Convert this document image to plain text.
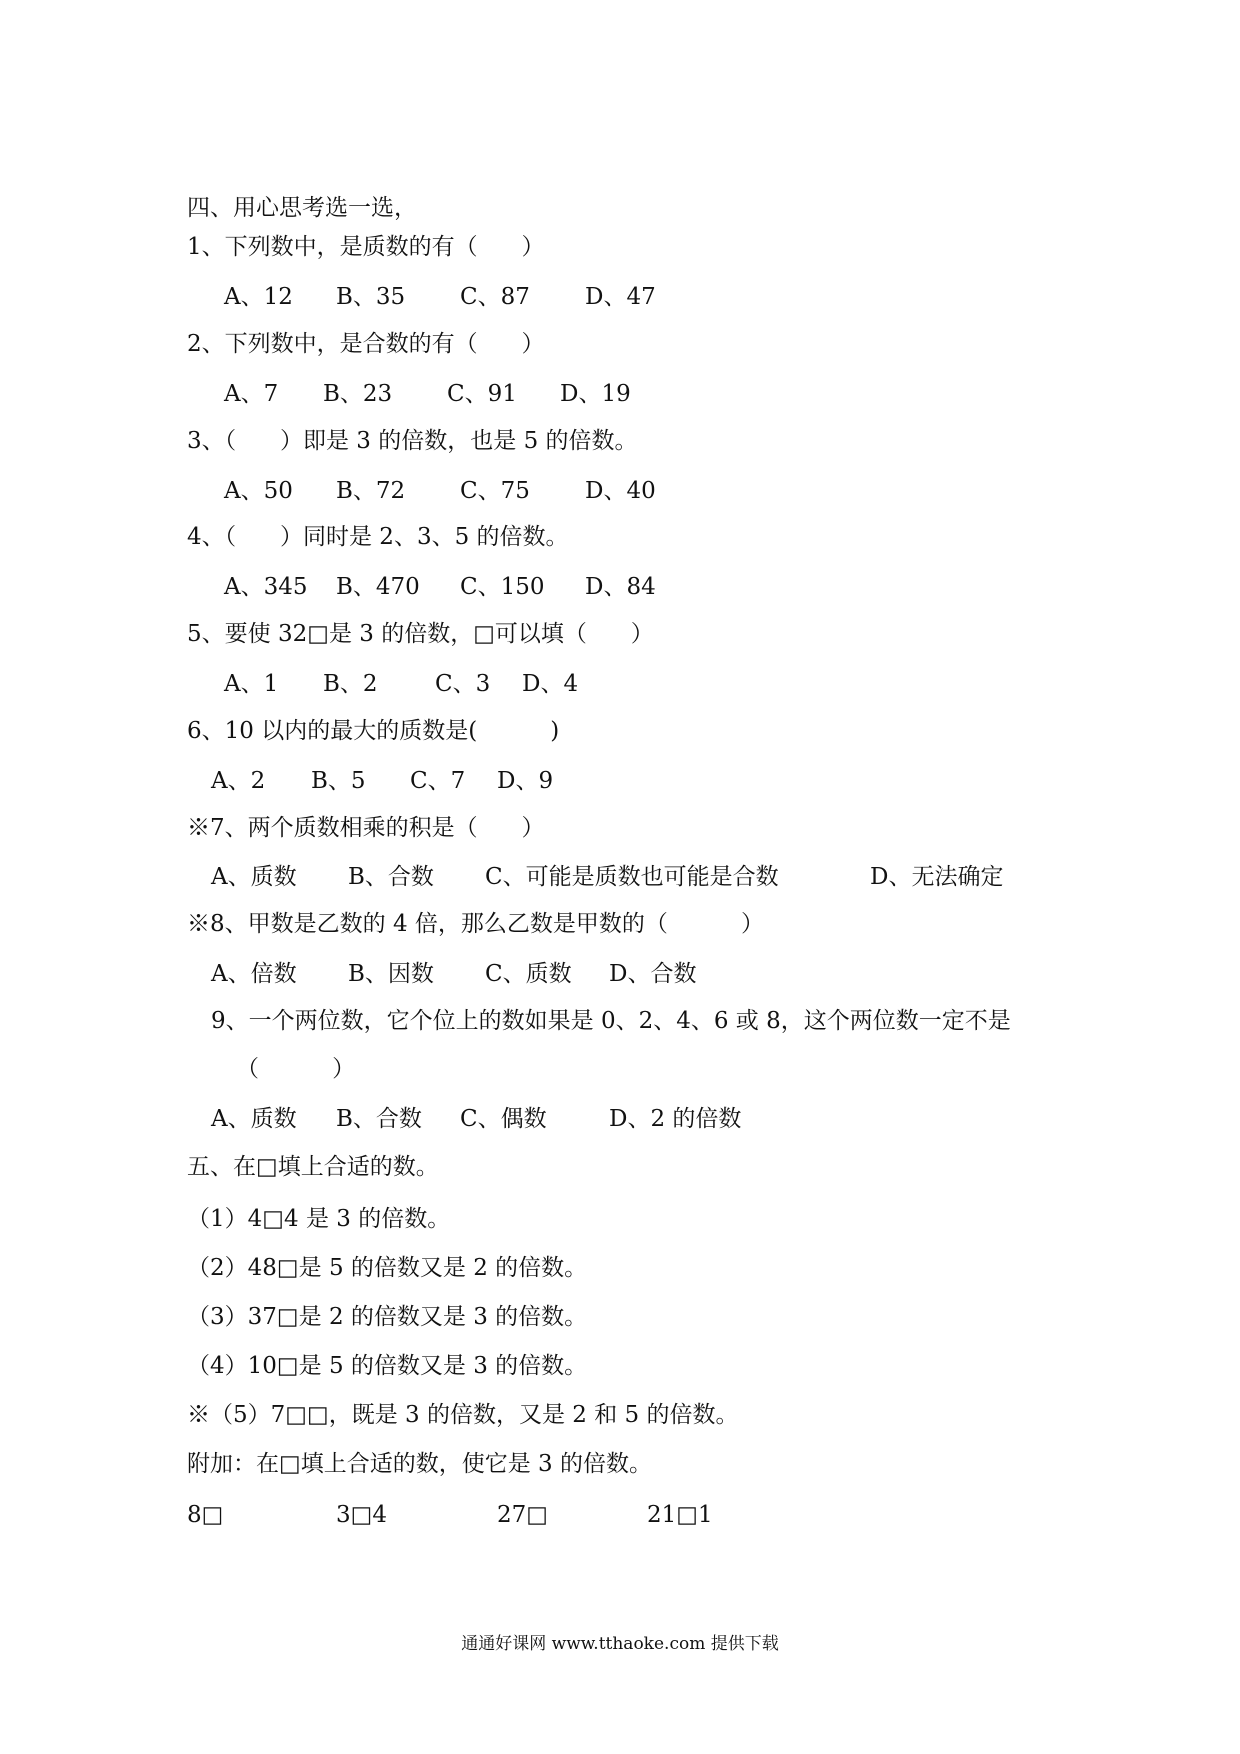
四、用心思考选一选，
1、下列数中，是质数的有（      ）
A、12 B、35 C、87 D、47
2、下列数中，是合数的有（      ）
A、7 B、23 C、91 D、19
3、（      ）即是 3 的倍数，也是 5 的倍数。
A、50 B、72 C、75 D、40
4、（      ）同时是 2、3、5 的倍数。
A、345 B、470 C、150 D、84
5、要使 32□是 3 的倍数，□可以填（      ）
A、1 B、2 C、3 D、4
6、10 以内的最大的质数是(          )
A、2 B、5 C、7 D、9
※7、两个质数相乘的积是（      ）
A、质数 B、合数 C、可能是质数也可能是合数	D、无法确定
※8、甲数是乙数的 4 倍，那么乙数是甲数的（          ）
A、倍数 B、因数 C、质数 D、合数
9、一个两位数，它个位上的数如果是 0、2、4、6 或 8，这个两位数一定不是
（          ）
A、质数 B、合数 C、偶数	D、2 的倍数
五、在□填上合适的数。
（1）4□4 是 3 的倍数。
（2）48□是 5 的倍数又是 2 的倍数。
（3）37□是 2 的倍数又是 3 的倍数。
（4）10□是 5 的倍数又是 3 的倍数。
※（5）7□□，既是 3 的倍数，又是 2 和 5 的倍数。
附加：在□填上合适的数，使它是 3 的倍数。
8□	3□4	27□	21□1
通通好课网 www.tthaoke.com 提供下载
